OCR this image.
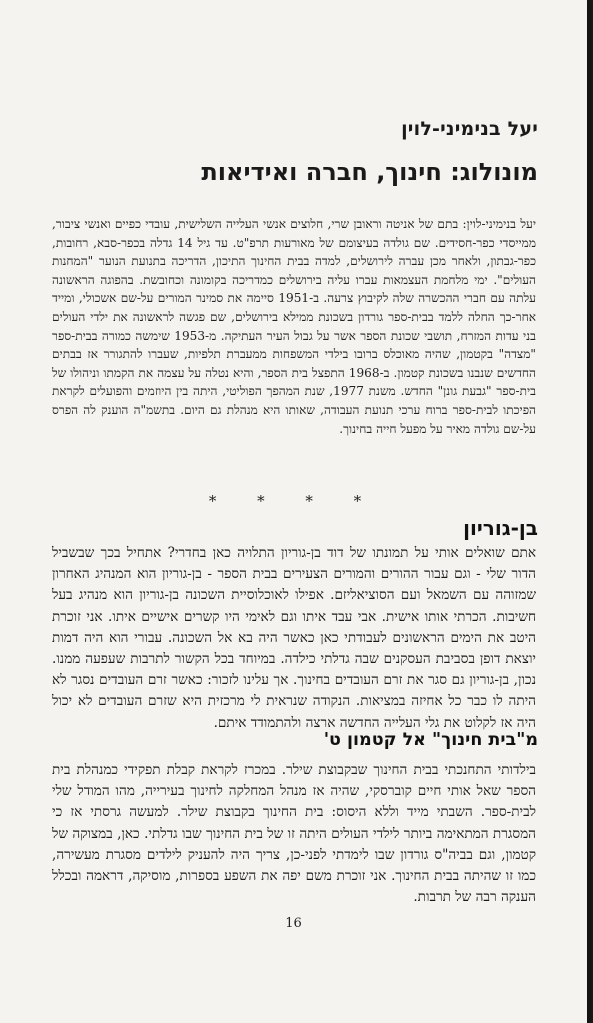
יעל בנימיני-לוין
מונולוג: חינוך, חברה ואידיאות
יעל בנימיני-לוין: בתם של אניטה וראובן שרי, חלוצים אנשי העלייה השלישית, עובדי כפיים ואנשי ציבור, ממייסדי כפר-חסידים. שם גולדה בעיצומם של מאורעות תרפ"ט. עד גיל 14 גדלה בכפר-סבא, רחובות, כפר-גבתון, ולאחר מכן עברה לירושלים, למדה בבית החינוך התיכון, הדריכה בתנועת הנוער "המחנות העולים". ימי מלחמת העצמאות עברו עליה בירושלים כמדריכה בקומונה וכחובשת. בהפוגה הראשונה עלתה עם חברי ההכשרה שלה לקיבוץ צרעה. ב-1951 סיימה את סמינר המורים על-שם אשכולי, ומייד אחר-כך החלה ללמד בבית-ספר גורדון בשכונת ממילא בירושלים, שם פגשה לראשונה את ילדי העולים בני עדות המזרח, תושבי שכונת הספר אשר על גבול העיר העתיקה. מ-1953 שימשה כמורה בבית-ספר "מצדה" בקטמון, שהיה מאוכלס ברובו בילדי המשפחות ממעברת תלפיות, שעברו להתגורר אז בבתים החדשים שנבנו בשכונת קטמון. ב-1968 התפצל בית הספר, והיא נטלה על עצמה את הקמתו וניהולו של בית-ספר "גבעת גונן" החדש. משנת 1977, שנת המהפך הפוליטי, היתה בין היוזמים והפועלים לקראת הפיכתו לבית-ספר ברוח ערכי תנועת העבודה, שאותו היא מנהלת גם היום. בתשמ"ה הוענק לה הפרס על-שם גולדה מאיר על מפעל חייה בחינוך.
* * * *
בן-גוריון
אתם שואלים אותי על תמונתו של דוד בן-גוריון התלויה כאן בחדרי? אתחיל בכך שבשביל הדור שלי - וגם עבור ההורים והמורים הצעירים בבית הספר - בן-גוריון הוא המנהיג האחרון שמזוהה עם השמאל ועם הסוציאליזם. אפילו לאוכלוסיית השכונה בן-גוריון הוא מנהיג בעל חשיבות. הכרתי אותו אישית. אבי עבד איתו וגם לאימי היו קשרים אישיים איתו. אני זוכרת היטב את הימים הראשונים לעבודתי כאן כאשר היה בא אל השכונה. עבורי הוא היה דמות יוצאת דופן בסביבת העסקנים שבה גדלתי כילדה. במיוחד בכל הקשור לתרבות שעפעה ממנו. נכון, בן-גוריון גם סגר את זרם העובדים בחינוך. אך עלינו לזכור: כאשר זרם העובדים נסגר לא היתה לו כבר כל אחיזה במציאות. הנקודה שנראית לי מרכזית היא שזרם העובדים לא יכול היה אז לקלוט את גלי העלייה החדשה ארצה ולהתמודד איתם.
מ"בית חינוך" אל קטמון ט'
בילדותי התחנכתי בבית החינוך שבקבוצת שילר. במכרז לקראת קבלת תפקידי כמנהלת בית הספר שאל אותי חיים קוברסקי, שהיה אז מנהל המחלקה לחינוך בעירייה, מהו המודל שלי לבית-ספר. השבתי מייד וללא היסוס: בית החינוך בקבוצת שילר. למעשה גרסתי אז כי המסגרת המתאימה ביותר לילדי העולים היתה זו של בית החינוך שבו גדלתי. כאן, במצוקה של קטמון, וגם בביה"ס גורדון שבו לימדתי לפני-כן, צריך היה להעניק לילדים מסגרת מעשירה, כמו זו שהיתה בבית החינוך. אני זוכרת משם יפה את השפע בספרות, מוסיקה, דראמה ובכלל הענקה רבה של תרבות.
16
